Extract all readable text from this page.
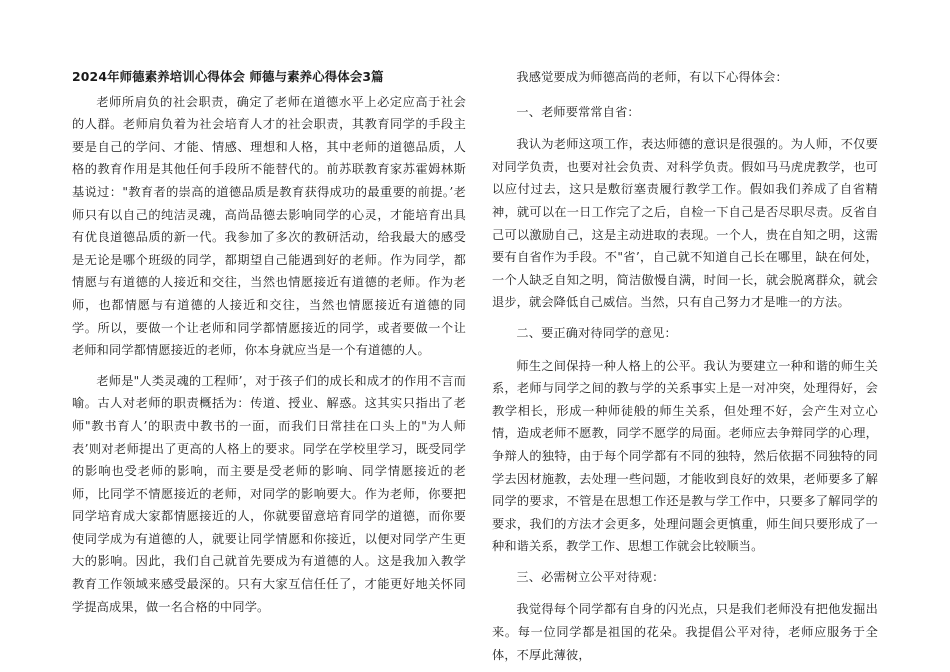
2024年师德素养培训心得体会 师德与素养心得体会3篇

老师所肩负的社会职责，确定了老师在道德水平上必定应高于社会的人群。老师肩负着为社会培育人才的社会职责，其教育同学的手段主要是自己的学问、才能、情感、理想和人格，其中老师的道德品质，人格的教育作用是其他任何手段所不能替代的。前苏联教育家苏霍姆林斯基说过："教育者的崇高的道德品质是教育获得成功的最重要的前提。’老师只有以自己的纯洁灵魂，高尚品德去影响同学的心灵，才能培育出具有优良道德品质的新一代。我参加了多次的教研活动，给我最大的感受是无论是哪个班级的同学，都期望自己能遇到好的老师。作为同学，都情愿与有道德的人接近和交往，当然也情愿接近有道德的老师。作为老师，也都情愿与有道德的人接近和交往，当然也情愿接近有道德的同学。所以，要做一个让老师和同学都情愿接近的同学，或者要做一个让老师和同学都情愿接近的老师，你本身就应当是一个有道德的人。

老师是"人类灵魂的工程师’，对于孩子们的成长和成才的作用不言而喻。古人对老师的职责概括为：传道、授业、解惑。这其实只指出了老师"教书育人’的职责中教书的一面，而我们日常挂在口头上的"为人师表’则对老师提出了更高的人格上的要求。同学在学校里学习，既受同学的影响也受老师的影响，而主要是受老师的影响、同学情愿接近的老师，比同学不情愿接近的老师，对同学的影响要大。作为老师，你要把同学培育成大家都情愿接近的人，你就要留意培育同学的道德，而你要使同学成为有道德的人，就要让同学情愿和你接近，以便对同学产生更大的影响。因此，我们自己就首先要成为有道德的人。这是我加入教学教育工作领域来感受最深的。只有大家互信任任了，才能更好地关怀同学提高成果，做一名合格的中同学。

我感觉要成为师德高尚的老师，有以下心得体会：

一、老师要常常自省：

我认为老师这项工作，表达师德的意识是很强的。为人师，不仅要对同学负责，也要对社会负责、对科学负责。假如马马虎虎教学，也可以应付过去，这只是敷衍塞责履行教学工作。假如我们养成了自省精神，就可以在一日工作完了之后，自检一下自己是否尽职尽责。反省自己可以激励自己，这是主动进取的表现。一个人，贵在自知之明，这需要有自省作为手段。不"省’，自己就不知道自己长在哪里，缺在何处，一个人缺乏自知之明，简洁傲慢自满，时间一长，就会脱离群众，就会退步，就会降低自己威信。当然，只有自己努力才是唯一的方法。

二、要正确对待同学的意见：

师生之间保持一种人格上的公平。我认为要建立一种和谐的师生关系，老师与同学之间的教与学的关系事实上是一对冲突，处理得好，会教学相长，形成一种师徒般的师生关系，但处理不好，会产生对立心情，造成老师不愿教，同学不愿学的局面。老师应去争辩同学的心理，争辩人的独特，由于每个同学都有不同的独特，然后依据不同独特的同学去因材施教，去处理一些问题，才能收到良好的效果，老师要多了解同学的要求，不管是在思想工作还是教与学工作中，只要多了解同学的要求，我们的方法才会更多，处理问题会更慎重，师生间只要形成了一种和谐关系，教学工作、思想工作就会比较顺当。

三、必需树立公平对待观：

我觉得每个同学都有自身的闪光点，只是我们老师没有把他发掘出来。每一位同学都是祖国的花朵。我提倡公平对待，老师应服务于全体，不厚此薄彼，
